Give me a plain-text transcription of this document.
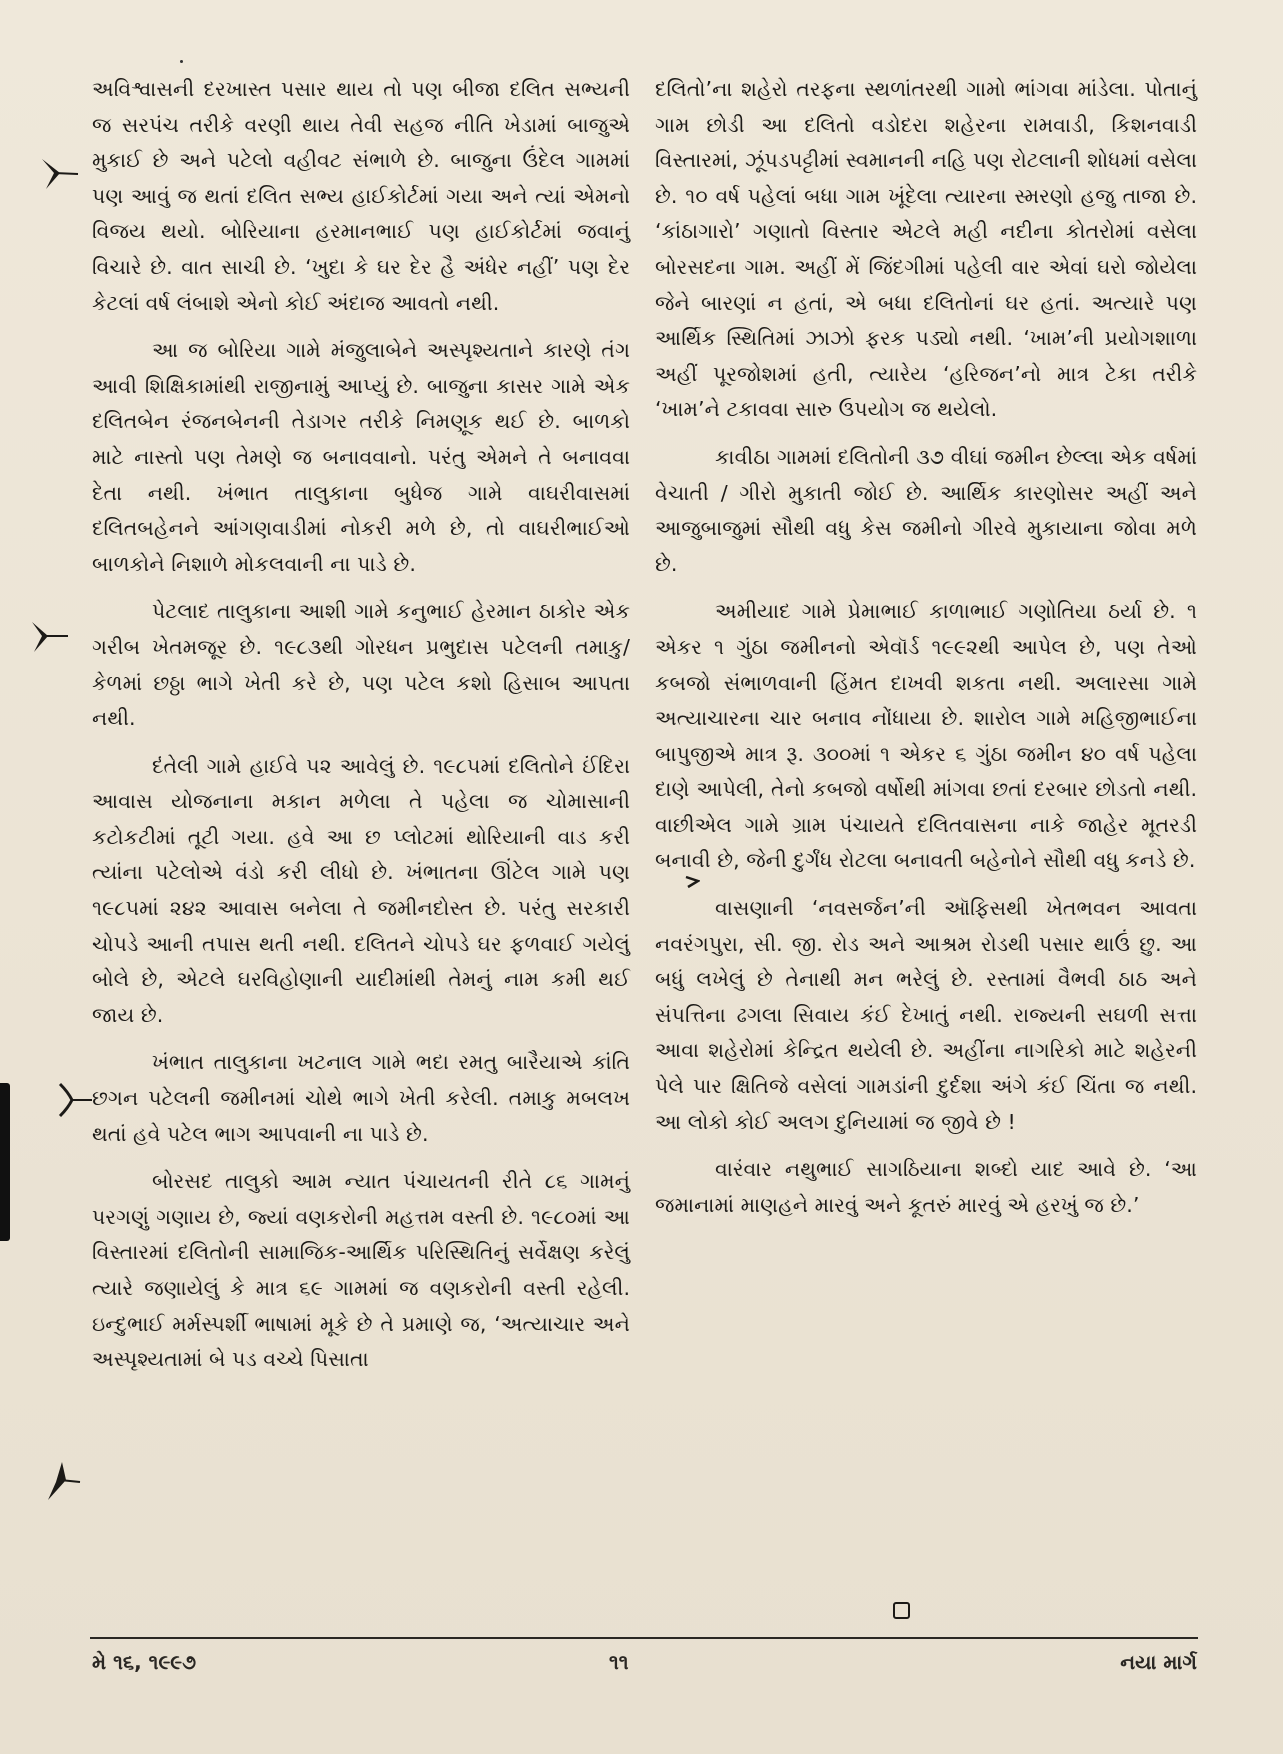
અવિશ્વાસની દરખાસ્ત પસાર થાય તો પણ બીજા દલિત સભ્યની જ સરપંચ તરીકે વરણી થાય તેવી સહજ નીતિ ખેડામાં બાજુએ મુકાઈ છે અને પટેલો વહીવટ સંભાળે છે. બાજુના ઉંદેલ ગામમાં પણ આવું જ થતાં દલિત સભ્ય હાઈકોર્ટમાં ગયા અને ત્યાં એમનો વિજય થયો. બોરિયાના હરમાનભાઈ પણ હાઈકોર્ટમાં જવાનું વિચારે છે. વાત સાચી છે. ‘ખુદા કે ઘર દેર હૈ અંધેર નહીં’ પણ દેર કેટલાં વર્ષ લંબાશે એનો કોઈ અંદાજ આવતો નથી.

આ જ બોરિયા ગામે મંજુલાબેને અસ્પૃશ્યતાને કારણે તંગ આવી શિક્ષિકામાંથી રાજીનામું આપ્યું છે. બાજુના કાસર ગામે એક દલિતબેન રંજનબેનની તેડાગર તરીકે નિમણૂક થઈ છે. બાળકો માટે નાસ્તો પણ તેમણે જ બનાવવાનો. પરંતુ એમને તે બનાવવા દેતા નથી. ખંભાત તાલુકાના બુધેજ ગામે વાઘરીવાસમાં દલિતબહેનને આંગણવાડીમાં નોકરી મળે છે, તો વાઘરીભાઈઓ બાળકોને નિશાળે મોકલવાની ના પાડે છે.

પેટલાદ તાલુકાના આશી ગામે કનુભાઈ હેરમાન ઠાકોર એક ગરીબ ખેતમજૂર છે. ૧૯૮૩થી ગોરધન પ્રભુદાસ પટેલની તમાકુ/કેળમાં છઠ્ઠા ભાગે ખેતી કરે છે, પણ પટેલ કશો હિસાબ આપતા નથી.

દંતેલી ગામે હાઈવે ૫૨ આવેલું છે. ૧૯૮૫માં દલિતોને ઈંદિરા આવાસ યોજનાના મકાન મળેલા તે પહેલા જ ચોમાસાની કટોકટીમાં તૂટી ગયા. હવે આ છ પ્લોટમાં થોરિયાની વાડ કરી ત્યાંના પટેલોએ વંડો કરી લીધો છે. ખંભાતના ઊંટેલ ગામે પણ ૧૯૮૫માં ૨૪૨ આવાસ બનેલા તે જમીનદોસ્ત છે. પરંતુ સરકારી ચોપડે આની તપાસ થતી નથી. દલિતને ચોપડે ઘર ફળવાઈ ગયેલું બોલે છે, એટલે ઘરવિહોણાની યાદીમાંથી તેમનું નામ કમી થઈ જાય છે.

ખંભાત તાલુકાના ખટનાલ ગામે ભદા રમતુ બારૈયાએ કાંતિ છગન પટેલની જમીનમાં ચોથે ભાગે ખેતી કરેલી. તમાકુ મબલખ થતાં હવે પટેલ ભાગ આપવાની ના પાડે છે.

બોરસદ તાલુકો આમ ન્યાત પંચાયતની રીતે ૮૬ ગામનું પરગણું ગણાય છે, જ્યાં વણકરોની મહત્તમ વસ્તી છે. ૧૯૮૦માં આ વિસ્તારમાં દલિતોની સામાજિક-આર્થિક પરિસ્થિતિનું સર્વેક્ષણ કરેલું ત્યારે જણાયેલું કે માત્ર ૬૯ ગામમાં જ વણકરોની વસ્તી રહેલી. ઇન્દુભાઈ મર્મસ્પર્શી ભાષામાં મૂકે છે તે પ્રમાણે જ, ‘અત્યાચાર અને અસ્પૃશ્યતામાં બે પડ વચ્ચે પિસાતા

દલિતો’ના શહેરો તરફના સ્થળાંતરથી ગામો ભાંગવા માંડેલા. પોતાનું ગામ છોડી આ દલિતો વડોદરા શહેરના રામવાડી, કિશનવાડી વિસ્તારમાં, ઝૂંપડપટ્ટીમાં સ્વમાનની નહિ પણ રોટલાની શોધમાં વસેલા છે. ૧૦ વર્ષ પહેલાં બધા ગામ ખૂંદેલા ત્યારના સ્મરણો હજુ તાજા છે. ‘કાંઠાગારો’ ગણાતો વિસ્તાર એટલે મહી નદીના કોતરોમાં વસેલા બોરસદના ગામ. અહીં મેં જિંદગીમાં પહેલી વાર એવાં ઘરો જોયેલા જેને બારણાં ન હતાં, એ બધા દલિતોનાં ઘર હતાં. અત્યારે પણ આર્થિક સ્થિતિમાં ઝાઝો ફરક પડ્યો નથી. ‘ખામ’ની પ્રયોગશાળા અહીં પૂરજોશમાં હતી, ત્યારેય ‘હરિજન’નો માત્ર ટેકા તરીકે ‘ખામ’ને ટકાવવા સારુ ઉપયોગ જ થયેલો.

કાવીઠા ગામમાં દલિતોની ૩૭ વીઘાં જમીન છેલ્લા એક વર્ષમાં વેચાતી / ગીરો મુકાતી જોઈ છે. આર્થિક કારણોસર અહીં અને આજુબાજુમાં સૌથી વધુ કેસ જમીનો ગીરવે મુકાયાના જોવા મળે છે.

અમીયાદ ગામે પ્રેમાભાઈ કાળાભાઈ ગણોતિયા ઠર્યા છે. ૧ એકર ૧ ગુંઠા જમીનનો એવૉર્ડ ૧૯૯૨થી આપેલ છે, પણ તેઓ કબજો સંભાળવાની હિંમત દાખવી શકતા નથી. અલારસા ગામે અત્યાચારના ચાર બનાવ નોંધાયા છે. શારોલ ગામે મહિજીભાઈના બાપુજીએ માત્ર રૂ. ૩૦૦માં ૧ એકર ૬ ગુંઠા જમીન ૪૦ વર્ષ પહેલા દાણે આપેલી, તેનો કબજો વર્ષોથી માંગવા છતાં દરબાર છોડતો નથી. વાછીએલ ગામે ગ્રામ પંચાયતે દલિતવાસના નાકે જાહેર મૂતરડી બનાવી છે, જેની દુર્ગંધ રોટલા બનાવતી બહેનોને સૌથી વધુ કનડે છે.

વાસણાની ‘નવસર્જન’ની ઑફિસથી ખેતભવન આવતા નવરંગપુરા, સી. જી. રોડ અને આશ્રમ રોડથી પસાર થાઉં છુ. આ બધું લખેલું છે તેનાથી મન ભરેલું છે. રસ્તામાં વૈભવી ઠાઠ અને સંપત્તિના ઢગલા સિવાય કંઈ દેખાતું નથી. રાજ્યની સઘળી સત્તા આવા શહેરોમાં કેન્દ્રિત થયેલી છે. અહીંના નાગરિકો માટે શહેરની પેલે પાર ક્ષિતિજે વસેલાં ગામડાંની દુર્દશા અંગે કંઈ ચિંતા જ નથી. આ લોકો કોઈ અલગ દુનિયામાં જ જીવે છે !

વારંવાર નથુભાઈ સાગઠિયાના શબ્દો યાદ આવે છે. ‘આ જમાનામાં માણહને મારવું અને કૂતરું મારવું એ હરખું જ છે.’

મે ૧૬, ૧૯૯૭	૧૧	નયા માર્ગ
